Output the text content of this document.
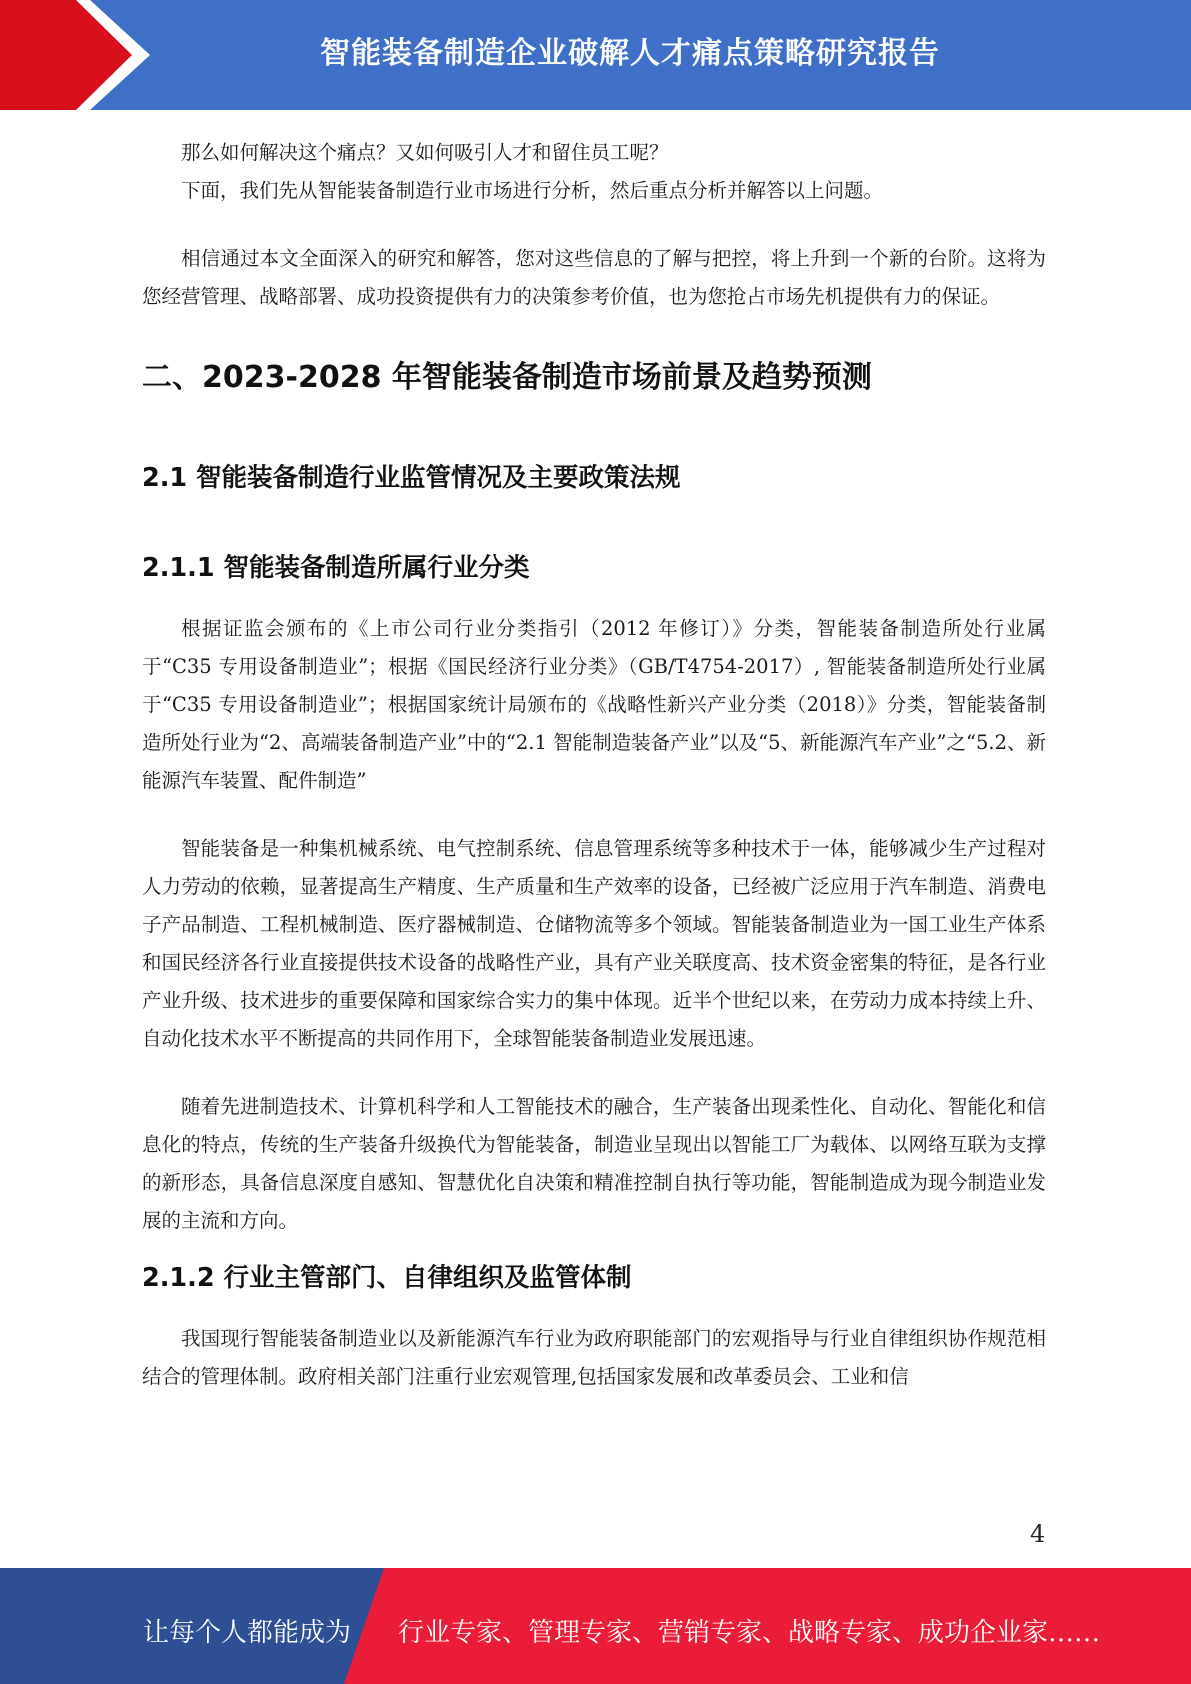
智能装备制造企业破解人才痛点策略研究报告

那么如何解决这个痛点？又如何吸引人才和留住员工呢？

下面，我们先从智能装备制造行业市场进行分析，然后重点分析并解答以上问题。

相信通过本文全面深入的研究和解答，您对这些信息的了解与把控，将上升到一个新的台阶。这将为您经营管理、战略部署、成功投资提供有力的决策参考价值，也为您抢占市场先机提供有力的保证。

二、2023-2028 年智能装备制造市场前景及趋势预测
2.1 智能装备制造行业监管情况及主要政策法规
2.1.1 智能装备制造所属行业分类

根据证监会颁布的《上市公司行业分类指引（2012 年修订）》分类，智能装备制造所处行业属于“C35 专用设备制造业”；根据《国民经济行业分类》（GB/T4754-2017）, 智能装备制造所处行业属于“C35 专用设备制造业”；根据国家统计局颁布的《战略性新兴产业分类（2018）》分类，智能装备制造所处行业为“2、高端装备制造产业”中的“2.1 智能制造装备产业”以及“5、新能源汽车产业”之“5.2、新能源汽车装置、配件制造”

智能装备是一种集机械系统、电气控制系统、信息管理系统等多种技术于一体，能够减少生产过程对人力劳动的依赖，显著提高生产精度、生产质量和生产效率的设备，已经被广泛应用于汽车制造、消费电子产品制造、工程机械制造、医疗器械制造、仓储物流等多个领域。智能装备制造业为一国工业生产体系和国民经济各行业直接提供技术设备的战略性产业，具有产业关联度高、技术资金密集的特征，是各行业产业升级、技术进步的重要保障和国家综合实力的集中体现。近半个世纪以来，在劳动力成本持续上升、自动化技术水平不断提高的共同作用下，全球智能装备制造业发展迅速。

随着先进制造技术、计算机科学和人工智能技术的融合，生产装备出现柔性化、自动化、智能化和信息化的特点，传统的生产装备升级换代为智能装备，制造业呈现出以智能工厂为载体、以网络互联为支撑的新形态，具备信息深度自感知、智慧优化自决策和精准控制自执行等功能，智能制造成为现今制造业发展的主流和方向。

2.1.2 行业主管部门、自律组织及监管体制

我国现行智能装备制造业以及新能源汽车行业为政府职能部门的宏观指导与行业自律组织协作规范相结合的管理体制。政府相关部门注重行业宏观管理,包括国家发展和改革委员会、工业和信

4
让每个人都能成为 行业专家、管理专家、营销专家、战略专家、成功企业家……
